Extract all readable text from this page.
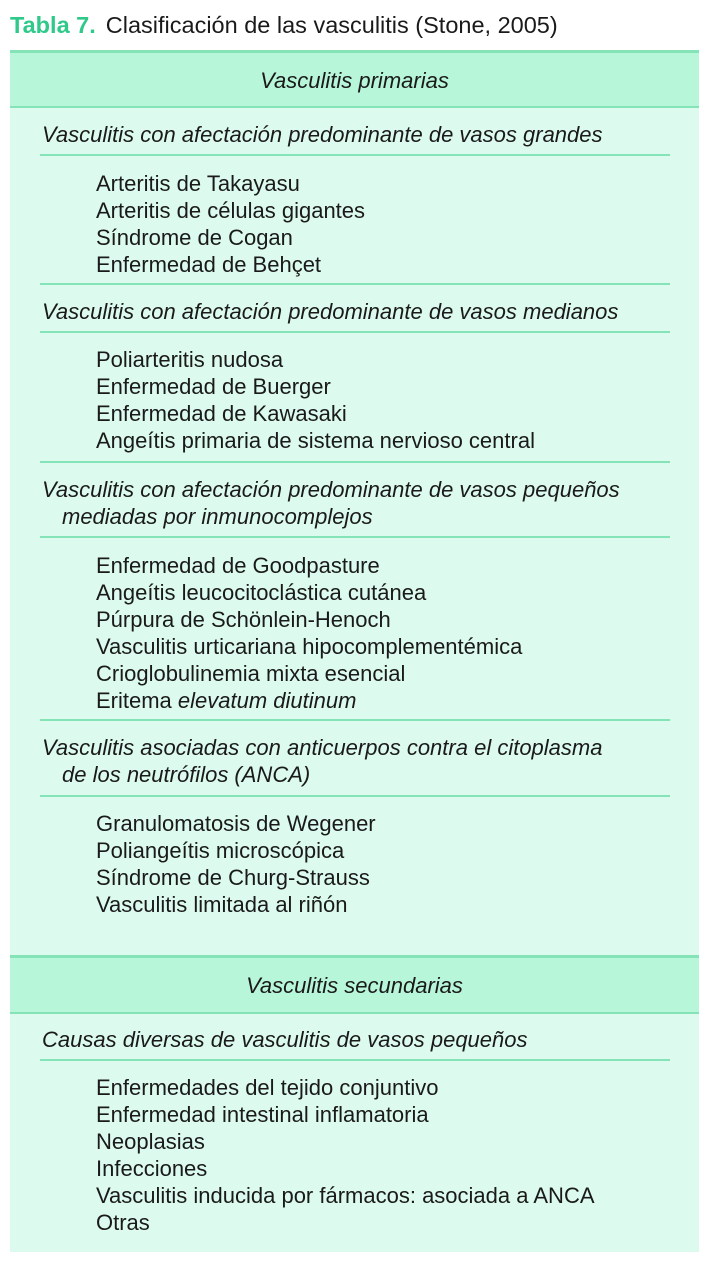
Tabla 7. Clasificación de las vasculitis (Stone, 2005)
Vasculitis primarias
Vasculitis con afectación predominante de vasos grandes
Arteritis de Takayasu
Arteritis de células gigantes
Síndrome de Cogan
Enfermedad de Behçet
Vasculitis con afectación predominante de vasos medianos
Poliarteritis nudosa
Enfermedad de Buerger
Enfermedad de Kawasaki
Angeítis primaria de sistema nervioso central
Vasculitis con afectación predominante de vasos pequeños
mediadas por inmunocomplejos
Enfermedad de Goodpasture
Angeítis leucocitoclástica cutánea
Púrpura de Schönlein-Henoch
Vasculitis urticariana hipocomplementémica
Crioglobulinemia mixta esencial
Eritema elevatum diutinum
Vasculitis asociadas con anticuerpos contra el citoplasma
de los neutrófilos (ANCA)
Granulomatosis de Wegener
Poliangeítis microscópica
Síndrome de Churg-Strauss
Vasculitis limitada al riñón
Vasculitis secundarias
Causas diversas de vasculitis de vasos pequeños
Enfermedades del tejido conjuntivo
Enfermedad intestinal inflamatoria
Neoplasias
Infecciones
Vasculitis inducida por fármacos: asociada a ANCA
Otras
